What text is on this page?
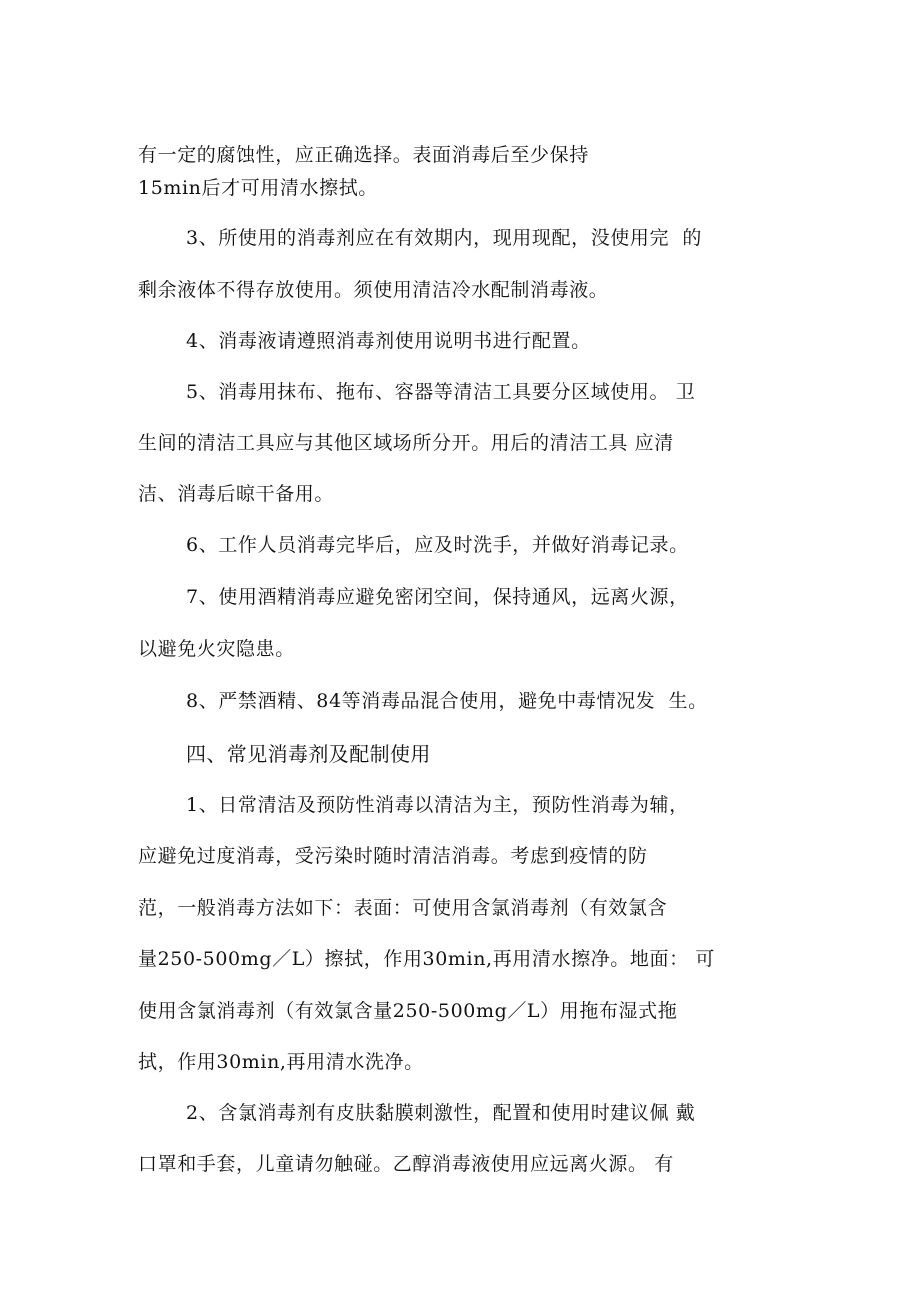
有一定的腐蚀性，应正确选择。表面消毒后至少保持
15min后才可用清水擦拭。
3、所使用的消毒剂应在有效期内，现用现配，没使用完  的
剩余液体不得存放使用。须使用清洁冷水配制消毒液。
4、消毒液请遵照消毒剂使用说明书进行配置。
5、消毒用抹布、拖布、容器等清洁工具要分区域使用。 卫
生间的清洁工具应与其他区域场所分开。用后的清洁工具 应清
洁、消毒后晾干备用。
6、工作人员消毒完毕后，应及时洗手，并做好消毒记录。
7、使用酒精消毒应避免密闭空间，保持通风，远离火源，
以避免火灾隐患。
8、严禁酒精、84等消毒品混合使用，避免中毒情况发  生。
四、常见消毒剂及配制使用
1、日常清洁及预防性消毒以清洁为主，预防性消毒为辅，
应避免过度消毒，受污染时随时清洁消毒。考虑到疫情的防
范，一般消毒方法如下：表面：可使用含氯消毒剂（有效氯含
量250-500mg／L）擦拭，作用30min,再用清水擦净。地面： 可
使用含氯消毒剂（有效氯含量250-500mg／L）用拖布湿式拖
拭，作用30min,再用清水洗净。
2、含氯消毒剂有皮肤黏膜刺激性，配置和使用时建议佩 戴
口罩和手套，儿童请勿触碰。乙醇消毒液使用应远离火源。 有
